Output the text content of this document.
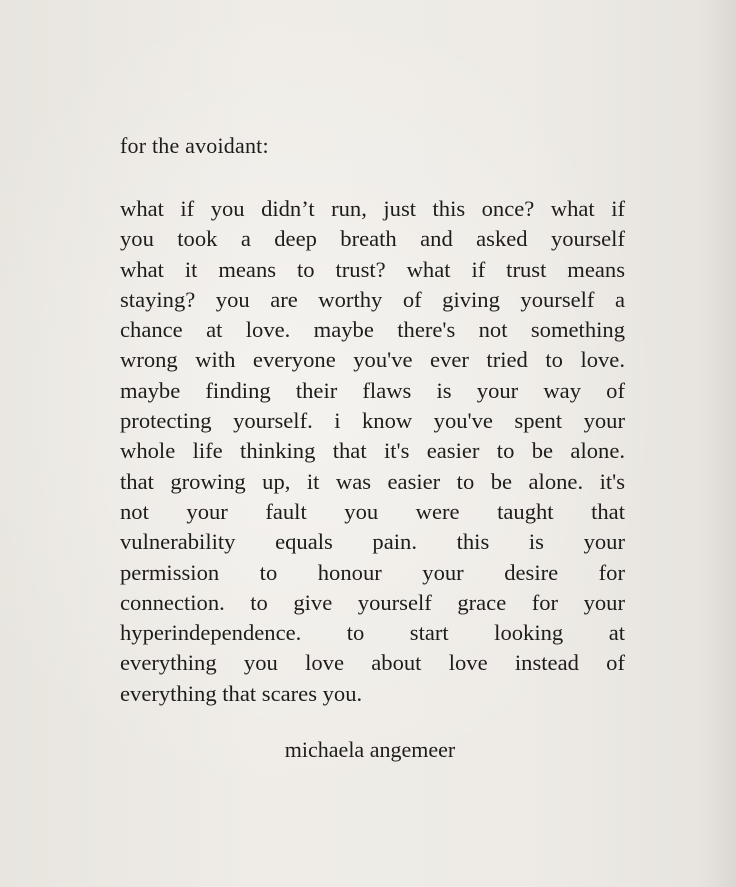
for the avoidant:
what if you didn’t run, just this once? what if
you took a deep breath and asked yourself
what it means to trust? what if trust means
staying? you are worthy of giving yourself a
chance at love. maybe there's not something
wrong with everyone you've ever tried to love.
maybe finding their flaws is your way of
protecting yourself. i know you've spent your
whole life thinking that it's easier to be alone.
that growing up, it was easier to be alone. it's
not your fault you were taught that
vulnerability equals pain. this is your
permission to honour your desire for
connection. to give yourself grace for your
hyperindependence. to start looking at
everything you love about love instead of
everything that scares you.
michaela angemeer
